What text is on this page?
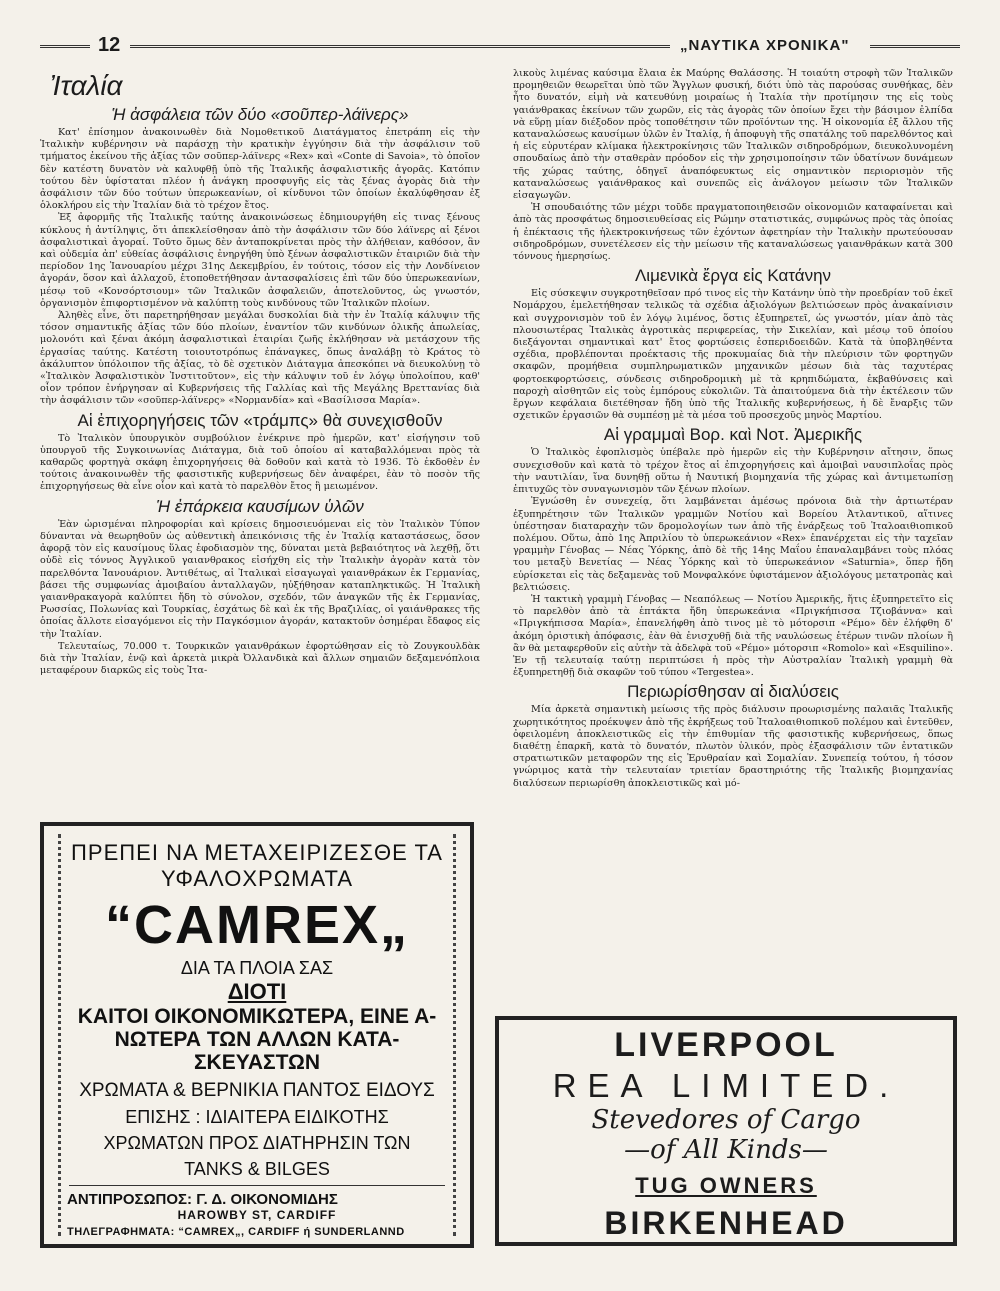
12	„ΝΑΥΤΙΚΑ ΧΡΟΝΙΚΑ"
Ἰταλία
Ἡ ἀσφάλεια τῶν δύο «σοῦπερ-λάϊνερς»

Κατ' ἐπίσημον ἀνακοινωθὲν διὰ Νομοθετικοῦ Διατάγματος ἐπετράπη εἰς τὴν Ἰταλικὴν κυβέρνησιν νὰ παράσχῃ τὴν κρατικὴν ἐγγύησιν διὰ τὴν ἀσφάλισιν τοῦ τμήματος ἐκείνου τῆς ἀξίας τῶν σοῦπερ-λάϊνερς «Rex» καὶ «Conte di Savoia», τὸ ὁποῖον δὲν κατέστη δυνατὸν νὰ καλυφθῇ ὑπὸ τῆς Ἰταλικῆς ἀσφαλιστικῆς ἀγορᾶς. Κατόπιν τούτου δὲν ὑφίσταται πλέον ἡ ἀνάγκη προσφυγῆς εἰς τὰς ξένας ἀγορὰς διὰ τὴν ἀσφάλισιν τῶν δύο τούτων ὑπερωκεανίων, οἱ κίνδυνοι τῶν ὁποίων ἐκαλύφθησαν ἐξ ὁλοκλήρου εἰς τὴν Ἰταλίαν διὰ τὸ τρέχον ἔτος.

Ἐξ ἀφορμῆς τῆς Ἰταλικῆς ταύτης ἀνακοινώσεως ἐδημιουργήθη εἰς τινας ξένους κύκλους ἡ ἀντίληψις, ὅτι ἀπεκλείσθησαν ἀπὸ τὴν ἀσφάλισιν τῶν δύο λάϊνερς αἱ ξένοι ἀσφαλιστικαὶ ἀγοραί. Τοῦτο ὅμως δὲν ἀνταποκρίνεται πρὸς τὴν ἀλήθειαν, καθόσον, ἂν καὶ οὐδεμία ἀπ' εὐθείας ἀσφάλισις ἐνηργήθη ὑπὸ ξένων ἀσφαλιστικῶν ἑταιριῶν διὰ τὴν περίοδον 1ης Ἰανουαρίου μέχρι 31ης Δεκεμβρίου, ἐν τούτοις, τόσον εἰς τὴν Λονδίνειον ἀγοράν, ὅσον καὶ ἀλλαχοῦ, ἐτοποθετήθησαν ἀντασφαλίσεις ἐπὶ τῶν δύο ὑπερωκεανίων, μέσῳ τοῦ «Κονσόρτσιουμ» τῶν Ἰταλικῶν ἀσφαλειῶν, ἀποτελοῦντος, ὡς γνωστόν, ὀργανισμὸν ἐπιφορτισμένον νὰ καλύπτῃ τοὺς κινδύνους τῶν Ἰταλικῶν πλοίων.

Ἀληθὲς εἶνε, ὅτι παρετηρήθησαν μεγάλαι δυσκολίαι διὰ τὴν ἐν Ἰταλίᾳ κάλυψιν τῆς τόσον σημαντικῆς ἀξίας τῶν δύο πλοίων, ἐναντίον τῶν κινδύνων ὁλικῆς ἀπωλείας, μολονότι καὶ ξέναι ἀκόμη ἀσφαλιστικαὶ ἑταιρίαι ζωῆς ἐκλήθησαν νὰ μετάσχουν τῆς ἐργασίας ταύτης. Κατέστη τοιουτοτρόπως ἐπάναγκες, ὅπως ἀναλάβῃ τὸ Κράτος τὸ ἀκάλυπτον ὑπόλοιπον τῆς ἀξίας, τὸ δὲ σχετικὸν Διάταγμα ἀπεσκόπει νὰ διευκολύνῃ τὸ «Ἰταλικὸν Ἀσφαλιστικὸν Ἰνστιτοῦτον», εἰς τὴν κάλυψιν τοῦ ἐν λόγῳ ὑπολοίπου, καθ' οἷον τρόπον ἐνήργησαν αἱ Κυβερνήσεις τῆς Γαλλίας καὶ τῆς Μεγάλης Βρεττανίας διὰ τὴν ἀσφάλισιν τῶν «σοῦπερ-λάϊνερς» «Νορμανδία» καὶ «Βασίλισσα Μαρία».

Αἱ ἐπιχορηγήσεις τῶν «τράμπς» θὰ συνεχισθοῦν

Τὸ Ἰταλικὸν ὑπουργικὸν συμβούλιον ἐνέκρινε πρὸ ἡμερῶν, κατ' εἰσήγησιν τοῦ ὑπουργοῦ τῆς Συγκοινωνίας Διάταγμα, διὰ τοῦ ὁποίου αἱ καταβαλλόμεναι πρὸς τὰ καθαρῶς φορτηγὰ σκάφη ἐπιχορηγήσεις θὰ δοθοῦν καὶ κατὰ τὸ 1936. Τὸ ἐκδοθὲν ἐν τούτοις ἀνακοινωθὲν τῆς φασιστικῆς κυβερνήσεως δὲν ἀναφέρει, ἐὰν τὸ ποσὸν τῆς ἐπιχορηγήσεως θὰ εἶνε οἷον καὶ κατὰ τὸ παρελθὸν ἔτος ἢ μειωμένον.

Ἡ ἐπάρκεια καυσίμων ὑλῶν

Ἐὰν ὡρισμέναι πληροφορίαι καὶ κρίσεις δημοσιευόμεναι εἰς τὸν Ἰταλικὸν Τύπον δύνανται νὰ θεωρηθοῦν ὡς αὐθεντικὴ ἀπεικόνισις τῆς ἐν Ἰταλίᾳ καταστάσεως, ὅσον ἀφορᾷ τὸν εἰς καυσίμους ὕλας ἐφοδιασμὸν της, δύναται μετὰ βεβαιότητος νὰ λεχθῇ, ὅτι οὐδὲ εἰς τόννος Ἀγγλικοῦ γαιανθρακος εἰσήχθη εἰς τὴν Ἰταλικὴν ἀγορὰν κατὰ τὸν παρελθόντα Ἰανουάριον. Ἀντιθέτως, αἱ Ἰταλικαὶ εἰσαγωγαὶ γαιανθράκων ἐκ Γερμανίας, βάσει τῆς συμφωνίας ἀμοιβαίου ἀνταλλαγῶν, ηὐξήθησαν καταπληκτικῶς. Ἡ Ἰταλικὴ γαιανθρακαγορὰ καλύπτει ἤδη τὸ σύνολον, σχεδόν, τῶν ἀναγκῶν τῆς ἐκ Γερμανίας, Ρωσσίας, Πολωνίας καὶ Τουρκίας, ἐσχάτως δὲ καὶ ἐκ τῆς Βραζιλίας, οἱ γαιάνθρακες τῆς ὁποίας ἄλλοτε εἰσαγόμενοι εἰς τὴν Παγκόσμιον ἀγοράν, κατακτοῦν ὁσημέραι ἔδαφος εἰς τὴν Ἰταλίαν.

Τελευταίως, 70.000 τ. Τουρκικῶν γαιανθράκων ἐφορτώθησαν εἰς τὸ Ζουγκουλδὰκ διὰ τὴν Ἰταλίαν, ἐνῷ καὶ ἀρκετὰ μικρὰ Ὀλλανδικὰ καὶ ἄλλων σημαιῶν δεξαμενόπλοια μεταφέρουν διαρκῶς εἰς τοὺς Ἰτα-

λικοὺς λιμένας καύσιμα ἔλαια ἐκ Μαύρης Θαλάσσης. Ἡ τοιαύτη στροφὴ τῶν Ἰταλικῶν προμηθειῶν θεωρεῖται ὑπὸ τῶν Ἄγγλων φυσική, διότι ὑπὸ τὰς παρούσας συνθήκας, δὲν ἦτο δυνατόν, εἰμὴ νὰ κατευθύνῃ μοιραίως ἡ Ἰταλία τὴν προτίμησιν της εἰς τοὺς γαιάνθρακας ἐκείνων τῶν χωρῶν, εἰς τὰς ἀγορὰς τῶν ὁποίων ἔχει τὴν βάσιμον ἐλπίδα νὰ εὕρῃ μίαν διέξοδον πρὸς τοποθέτησιν τῶν προϊόντων της. Ἡ οἰκονομία ἐξ ἄλλου τῆς καταναλώσεως καυσίμων ὑλῶν ἐν Ἰταλίᾳ, ἡ ἀποφυγὴ τῆς σπατάλης τοῦ παρελθόντος καὶ ἡ εἰς εὐρυτέραν κλίμακα ἠλεκτροκίνησις τῶν Ἰταλικῶν σιδηροδρόμων, διευκολυνομένη σπουδαίως ἀπὸ τὴν σταθερὰν πρόοδον εἰς τὴν χρησιμοποίησιν τῶν ὑδατίνων δυνάμεων τῆς χώρας ταύτης, ὁδηγεῖ ἀναπόφευκτως εἰς σημαντικὸν περιορισμὸν τῆς καταναλώσεως γαιάνθρακος καὶ συνεπῶς εἰς ἀνάλογον μείωσιν τῶν Ἰταλικῶν εἰσαγωγῶν.

Ἡ σπουδαιότης τῶν μέχρι τοῦδε πραγματοποιηθεισῶν οἰκονομιῶν καταφαίνεται καὶ ἀπὸ τὰς προσφάτως δημοσιευθείσας εἰς Ρώμην στατιστικάς, συμφώνως πρὸς τὰς ὁποίας ἡ ἐπέκτασις τῆς ἠλεκτροκινήσεως τῶν ἐχόντων ἀφετηρίαν τὴν Ἰταλικὴν πρωτεύουσαν σιδηροδρόμων, συνετέλεσεν εἰς τὴν μείωσιν τῆς καταναλώσεως γαιανθράκων κατὰ 300 τόννους ἡμερησίως.

Λιμενικὰ ἔργα εἰς Κατάνην

Εἰς σύσκεψιν συγκροτηθεῖσαν πρό τινος εἰς τὴν Κατάνην ὑπὸ τὴν προεδρίαν τοῦ ἐκεῖ Νομάρχου, ἐμελετήθησαν τελικῶς τὰ σχέδια ἀξιολόγων βελτιώσεων πρὸς ἀνακαίνισιν καὶ συγχρονισμὸν τοῦ ἐν λόγῳ λιμένος, ὅστις ἐξυπηρετεῖ, ὡς γνωστόν, μίαν ἀπὸ τὰς πλουσιωτέρας Ἰταλικὰς ἀγροτικὰς περιφερείας, τὴν Σικελίαν, καὶ μέσῳ τοῦ ὁποίου διεξάγονται σημαντικαὶ κατ' ἔτος φορτώσεις ἐσπεριδοειδῶν. Κατὰ τὰ ὑποβληθέντα σχέδια, προβλέπονται προέκτασις τῆς προκυμαίας διὰ τὴν πλεύρισιν τῶν φορτηγῶν σκαφῶν, προμήθεια συμπληρωματικῶν μηχανικῶν μέσων διὰ τὰς ταχυτέρας φορτοεκφορτώσεις, σύνδεσις σιδηροδρομικὴ μὲ τὰ κρηπιδώματα, ἐκβαθύνσεις καὶ παροχὴ αἰσθητῶν εἰς τοὺς ἐμπόρους εὐκολιῶν. Τὰ ἀπαιτούμενα διὰ τὴν ἐκτέλεσιν τῶν ἔργων κεφάλαια διετέθησαν ἤδη ὑπὸ τῆς Ἰταλικῆς κυβερνήσεως, ἡ δὲ ἔναρξις τῶν σχετικῶν ἐργασιῶν θὰ συμπέσῃ μὲ τὰ μέσα τοῦ προσεχοῦς μηνὸς Μαρτίου.

Αἱ γραμμαὶ Βορ. καὶ Νοτ. Ἀμερικῆς

Ὁ Ἰταλικὸς ἐφοπλισμὸς ὑπέβαλε πρὸ ἡμερῶν εἰς τὴν Κυβέρνησιν αἴτησιν, ὅπως συνεχισθοῦν καὶ κατὰ τὸ τρέχον ἔτος αἱ ἐπιχορηγήσεις καὶ ἀμοιβαὶ ναυσιπλοΐας πρὸς τὴν ναυτιλίαν, ἵνα δυνηθῇ οὕτω ἡ Ναυτική βιομηχανία τῆς χώρας καὶ ἀντιμετωπίσῃ ἐπιτυχῶς τὸν συναγωνισμὸν τῶν ξένων πλοίων.

Ἐγνώσθη ἐν συνεχείᾳ, ὅτι λαμβάνεται ἀμέσως πρόνοια διὰ τὴν ἀρτιωτέραν ἐξυπηρέτησιν τῶν Ἰταλικῶν γραμμῶν Νοτίου καὶ Βορείου Ἀτλαντικοῦ, αἵτινες ὑπέστησαν διαταραχὴν τῶν δρομολογίων των ἀπὸ τῆς ἐνάρξεως τοῦ Ἰταλοαιθιοπικοῦ πολέμου. Οὕτω, ἀπὸ 1ης Ἀπριλίου τὸ ὑπερωκεάνιον «Rex» ἐπανέρχεται εἰς τὴν ταχεῖαν γραμμὴν Γένοβας — Νέας Ὑόρκης, ἀπὸ δὲ τῆς 14ης Μαΐου ἐπαναλαμβάνει τοὺς πλόας του μεταξὺ Βενετίας — Νέας Ὑόρκης καὶ τὸ ὑπερωκεάνιον «Saturnia», ὅπερ ἤδη εὑρίσκεται εἰς τὰς δεξαμενὰς τοῦ Μονφαλκόνε ὑφιστάμενον ἀξιολόγους μετατροπὰς καὶ βελτιώσεις.

Ἡ τακτικὴ γραμμὴ Γένοβας — Νεαπόλεως — Νοτίου Ἀμερικῆς, ἥτις ἐξυπηρετεῖτο εἰς τὸ παρελθὸν ἀπὸ τὰ ἑπτάκτα ἤδη ὑπερωκεάνια «Πριγκήπισσα Τζιοβάννα» καὶ «Πριγκήπισσα Μαρία», ἐπανελήφθη ἀπὸ τινος μὲ τὸ μότορσιπ «Ρέμο» δὲν ἐλήφθη δ' ἀκόμη ὁριστικὴ ἀπόφασις, ἐὰν θὰ ἐνισχυθῇ διὰ τῆς ναυλώσεως ἑτέρων τινῶν πλοίων ἢ ἂν θὰ μεταφερθοῦν εἰς αὐτὴν τὰ ἀδελφὰ τοῦ «Ρέμο» μότορσιπ «Romolo» καὶ «Esquilino». Ἐν τῇ τελευταίᾳ ταύτῃ περιπτώσει ἡ πρὸς τὴν Αὐστραλίαν Ἰταλικὴ γραμμὴ θὰ ἐξυπηρετηθῇ διὰ σκαφῶν τοῦ τύπου «Tergestea».

Περιωρίσθησαν αἱ διαλύσεις

Μία ἀρκετὰ σημαντικὴ μείωσις τῆς πρὸς διάλυσιν προωρισμένης παλαιᾶς Ἰταλικῆς χωρητικότητος προέκυψεν ἀπὸ τῆς ἐκρήξεως τοῦ Ἰταλοαιθιοπικοῦ πολέμου καὶ ἐντεῦθεν, ὀφειλομένη ἀποκλειστικῶς εἰς τὴν ἐπιθυμίαν τῆς φασιστικῆς κυβερνήσεως, ὅπως διαθέτῃ ἐπαρκῆ, κατὰ τὸ δυνατόν, πλωτὸν ὑλικόν, πρὸς ἐξασφάλισιν τῶν ἐντατικῶν στρατιωτικῶν μεταφορῶν της εἰς Ἐρυθραίαν καὶ Σομαλίαν. Συνεπείᾳ τούτου, ἡ τόσον γνώριμος κατὰ τὴν τελευταίαν τριετίαν δραστηριότης τῆς Ἰταλικῆς βιομηχανίας διαλύσεων περιωρίσθη ἀποκλειστικῶς καὶ μό-

ΠΡΕΠΕΙ ΝΑ ΜΕΤΑΧΕΙΡΙΖΕΣΘΕ ΤΑ

ΥΦΑΛΟΧΡΩΜΑΤΑ

“CAMREX„

ΔΙΑ ΤΑ ΠΛΟΙΑ ΣΑΣ

ΔΙΟΤΙ

ΚΑΙΤΟΙ ΟΙΚΟΝΟΜΙΚΩΤΕΡΑ, ΕΙΝΕ Α-

ΝΩΤΕΡΑ ΤΩΝ ΑΛΛΩΝ ΚΑΤΑ-

ΣΚΕΥΑΣΤΩΝ

ΧΡΩΜΑΤΑ & ΒΕΡΝΙΚΙΑ ΠΑΝΤΟΣ ΕΙΔΟΥΣ

ΕΠΙΣΗΣ : ΙΔΙΑΙΤΕΡΑ ΕΙΔΙΚΟΤΗΣ

ΧΡΩΜΑΤΩΝ ΠΡΟΣ ΔΙΑΤΗΡΗΣΙΝ ΤΩΝ

TANKS & BILGES

ΑΝΤΙΠΡΟΣΩΠΟΣ: Γ. Δ. ΟΙΚΟΝΟΜΙΔΗΣ

HAROWBY ST, CARDIFF

ΤΗΛΕΓΡΑΦΗΜΑΤΑ: “CAMREX„, CARDIFF ή SUNDERLANND

LIVERPOOL

REA LIMITED.

Stevedores of Cargo

—of All Kinds—

TUG OWNERS

BIRKENHEAD
